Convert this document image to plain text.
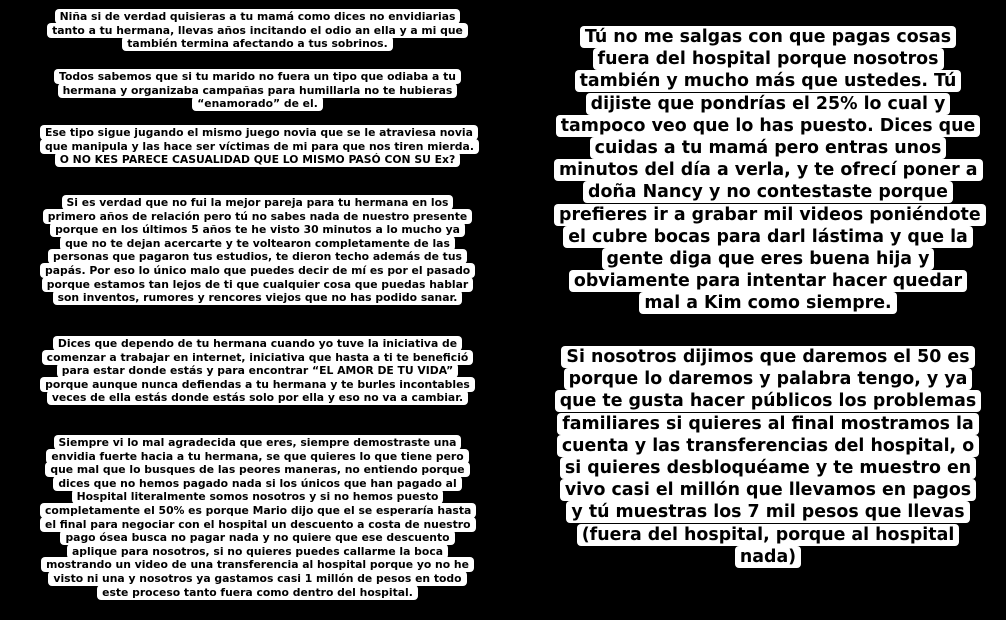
Niña si de verdad quisieras a tu mamá como dices no envidiarias tanto a tu hermana, llevas años incitando el odio an ella y a mi que también termina afectando a tus sobrinos.

Todos sabemos que si tu marido no fuera un tipo que odiaba a tu hermana y organizaba campañas para humillarla no te hubieras “enamorado” de el.

Ese tipo sigue jugando el mismo juego novia que se le atraviesa novia que manipula y las hace ser víctimas de mi para que nos tiren mierda. O NO KES PARECE CASUALIDAD QUE LO MISMO PASÓ CON SU Ex?

Si es verdad que no fui la mejor pareja para tu hermana en los primero años de relación pero tú no sabes nada de nuestro presente porque en los últimos 5 años te he visto 30 minutos a lo mucho ya que no te dejan acercarte y te voltearon completamente de las personas que pagaron tus estudios, te dieron techo además de tus papás. Por eso lo único malo que puedes decir de mí es por el pasado porque estamos tan lejos de ti que cualquier cosa que puedas hablar son inventos, rumores y rencores viejos que no has podido sanar.

Dices que dependo de tu hermana cuando yo tuve la iniciativa de comenzar a trabajar en internet, iniciativa que hasta a ti te benefició para estar donde estás y para encontrar “EL AMOR DE TU VIDA” porque aunque nunca defiendas a tu hermana y te burles incontables veces de ella estás donde estás solo por ella y eso no va a cambiar.

Siempre vi lo mal agradecida que eres, siempre demostraste una envidia fuerte hacia a tu hermana, se que quieres lo que tiene pero que mal que lo busques de las peores maneras, no entiendo porque dices que no hemos pagado nada si los únicos que han pagado al Hospital literalmente somos nosotros y si no hemos puesto completamente el 50% es porque Mario dijo que el se esperaría hasta el final para negociar con el hospital un descuento a costa de nuestro pago ósea busca no pagar nada y no quiere que ese descuento aplique para nosotros, si no quieres puedes callarme la boca mostrando un video de una transferencia al hospital porque yo no he visto ni una y nosotros ya gastamos casi 1 millón de pesos en todo este proceso tanto fuera como dentro del hospital.

Tú no me salgas con que pagas cosas fuera del hospital porque nosotros también y mucho más que ustedes. Tú dijiste que pondrías el 25% lo cual y tampoco veo que lo has puesto. Dices que cuidas a tu mamá pero entras unos minutos del día a verla, y te ofrecí poner a doña Nancy y no contestaste porque prefieres ir a grabar mil videos poniéndote el cubre bocas para darl lástima y que la gente diga que eres buena hija y obviamente para intentar hacer quedar mal a Kim como siempre.

Si nosotros dijimos que daremos el 50 es porque lo daremos y palabra tengo, y ya que te gusta hacer públicos los problemas familiares si quieres al final mostramos la cuenta y las transferencias del hospital, o si quieres desbloquéame y te muestro en vivo casi el millón que llevamos en pagos y tú muestras los 7 mil pesos que llevas (fuera del hospital, porque al hospital nada)
